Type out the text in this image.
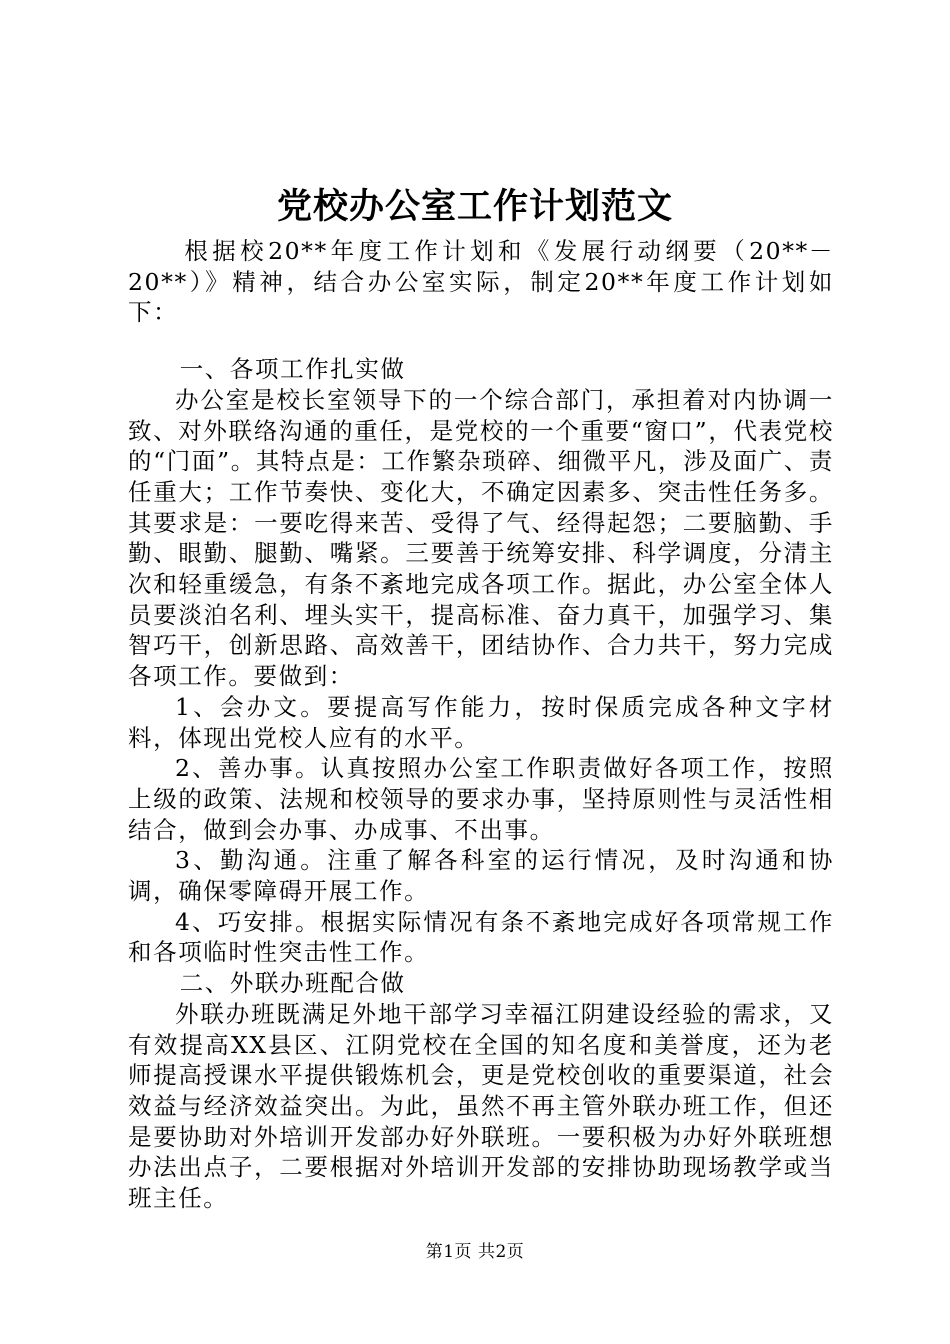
党校办公室工作计划范文

根据校20**年度工作计划和《发展行动纲要（20**－20**）》精神，结合办公室实际，制定20**年度工作计划如下：

一、各项工作扎实做

办公室是校长室领导下的一个综合部门，承担着对内协调一致、对外联络沟通的重任，是党校的一个重要“窗口”，代表党校的“门面”。其特点是：工作繁杂琐碎、细微平凡，涉及面广、责任重大；工作节奏快、变化大，不确定因素多、突击性任务多。其要求是：一要吃得来苦、受得了气、经得起怨；二要脑勤、手勤、眼勤、腿勤、嘴紧。三要善于统筹安排、科学调度，分清主次和轻重缓急，有条不紊地完成各项工作。据此，办公室全体人员要淡泊名利、埋头实干，提高标准、奋力真干，加强学习、集智巧干，创新思路、高效善干，团结协作、合力共干，努力完成各项工作。要做到：

1、会办文。要提高写作能力，按时保质完成各种文字材料，体现出党校人应有的水平。

2、善办事。认真按照办公室工作职责做好各项工作，按照上级的政策、法规和校领导的要求办事，坚持原则性与灵活性相结合，做到会办事、办成事、不出事。

3、勤沟通。注重了解各科室的运行情况，及时沟通和协调，确保零障碍开展工作。

4、巧安排。根据实际情况有条不紊地完成好各项常规工作和各项临时性突击性工作。

二、外联办班配合做

外联办班既满足外地干部学习幸福江阴建设经验的需求，又有效提高XX县区、江阴党校在全国的知名度和美誉度，还为老师提高授课水平提供锻炼机会，更是党校创收的重要渠道，社会效益与经济效益突出。为此，虽然不再主管外联办班工作，但还是要协助对外培训开发部办好外联班。一要积极为办好外联班想办法出点子，二要根据对外培训开发部的安排协助现场教学或当班主任。

第1页 共2页
